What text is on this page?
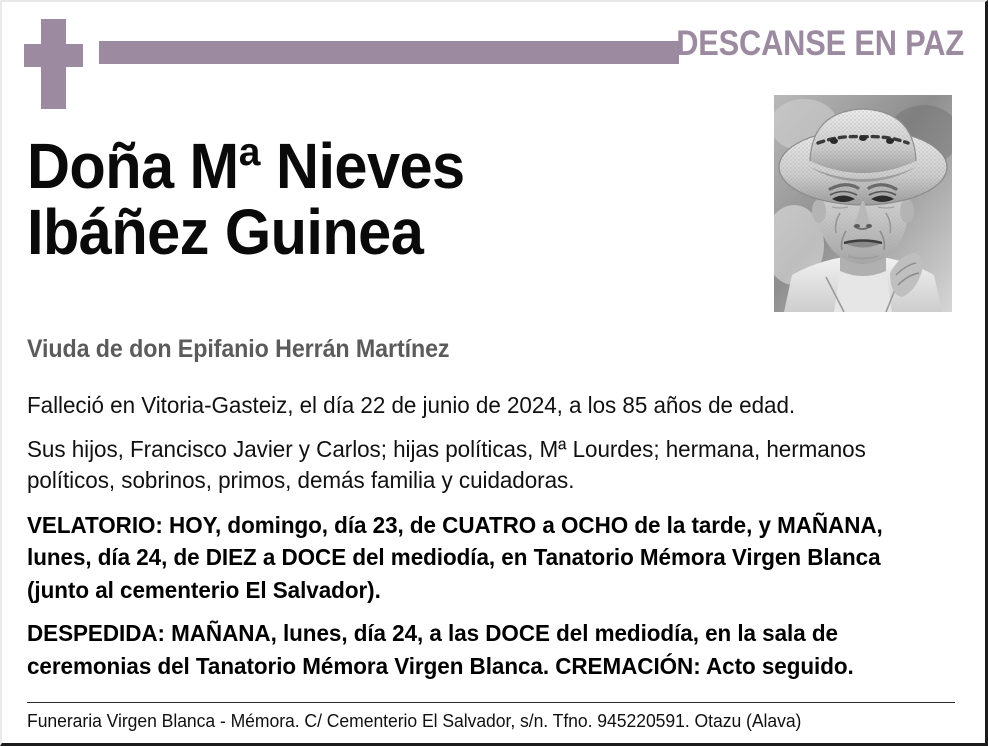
DESCANSE EN PAZ
Doña Mª Nieves
Ibáñez Guinea
Viuda de don Epifanio Herrán Martínez

Falleció en Vitoria-Gasteiz, el día 22 de junio de 2024, a los 85 años de edad.

Sus hijos, Francisco Javier y Carlos; hijas políticas, Mª Lourdes; hermana, hermanos políticos, sobrinos, primos, demás familia y cuidadoras.

VELATORIO: HOY, domingo, día 23, de CUATRO a OCHO de la tarde, y MAÑANA, lunes, día 24, de DIEZ a DOCE del mediodía, en Tanatorio Mémora Virgen Blanca (junto al cementerio El Salvador).

DESPEDIDA: MAÑANA, lunes, día 24, a las DOCE del mediodía, en la sala de ceremonias del Tanatorio Mémora Virgen Blanca. CREMACIÓN: Acto seguido.

Funeraria Virgen Blanca - Mémora. C/ Cementerio El Salvador, s/n. Tfno. 945220591. Otazu (Alava)
